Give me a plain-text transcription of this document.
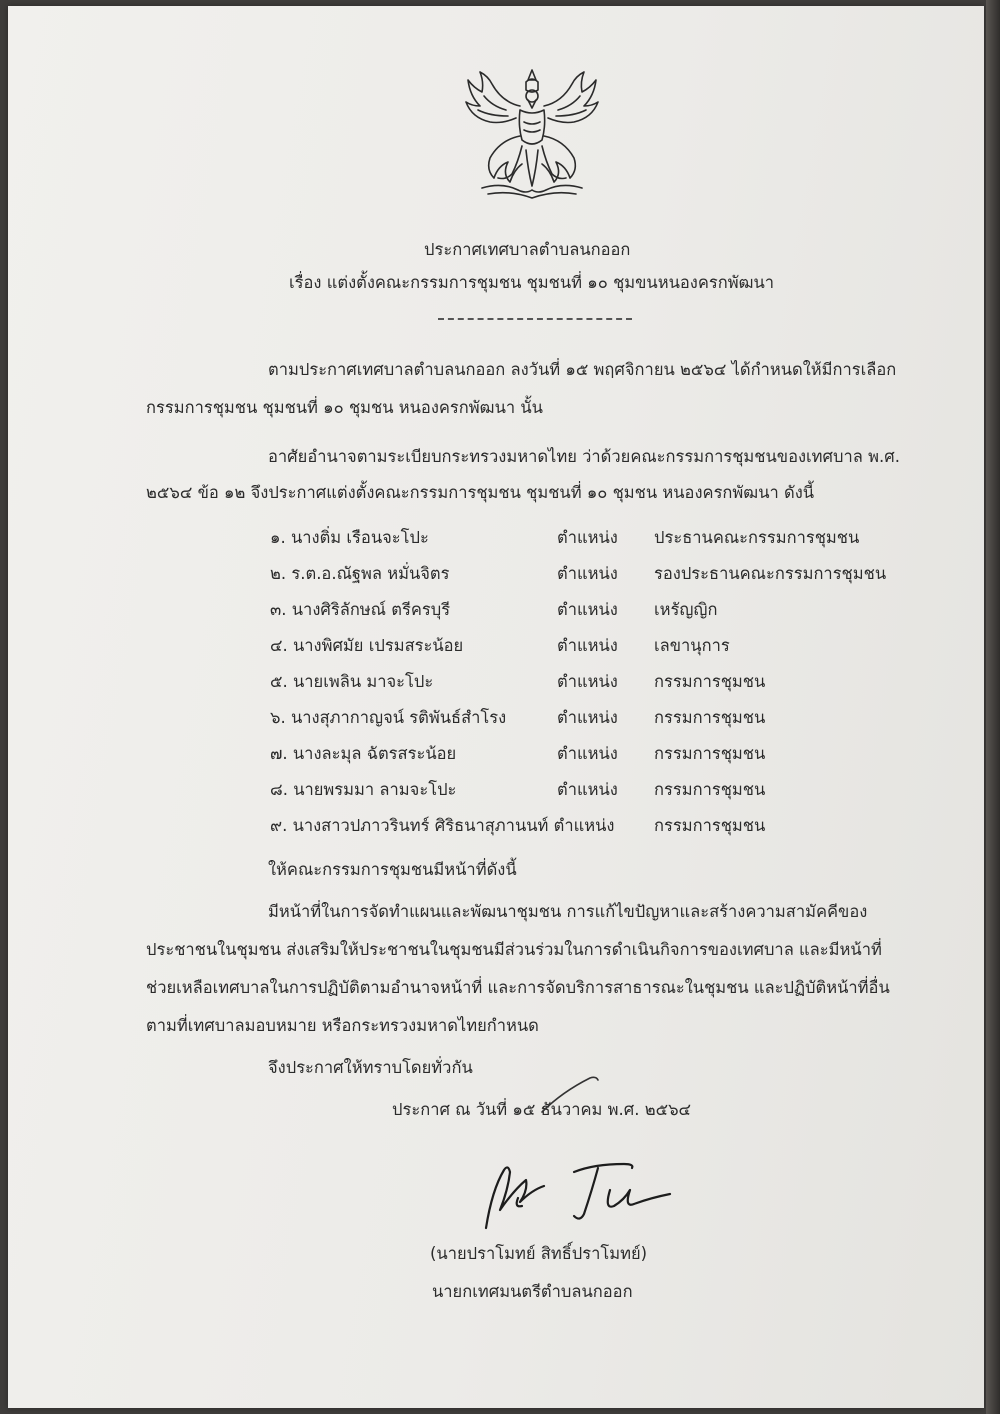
ประกาศเทศบาลตำบลนกออก
เรื่อง แต่งตั้งคณะกรรมการชุมชน ชุมชนที่ ๑๐ ชุมขนหนองครกพัฒนา
ตามประกาศเทศบาลตำบลนกออก ลงวันที่ ๑๕ พฤศจิกายน ๒๕๖๔ ได้กำหนดให้มีการเลือก
กรรมการชุมชน ชุมชนที่ ๑๐ ชุมชน หนองครกพัฒนา นั้น
อาศัยอำนาจตามระเบียบกระทรวงมหาดไทย ว่าด้วยคณะกรรมการชุมชนของเทศบาล พ.ศ.
๒๕๖๔ ข้อ ๑๒ จึงประกาศแต่งตั้งคณะกรรมการชุมชน ชุมชนที่ ๑๐ ชุมชน หนองครกพัฒนา ดังนี้
๑. นางติ่ม เรือนจะโปะ	ตำแหน่ง ประธานคณะกรรมการชุมชน
๒. ร.ต.อ.ณัฐพล หมั่นจิตร	ตำแหน่ง รองประธานคณะกรรมการชุมชน
๓. นางศิริลักษณ์ ตรีครบุรี	ตำแหน่ง เหรัญญิก
๔. นางพิศมัย เปรมสระน้อย	ตำแหน่ง เลขานุการ
๕. นายเพลิน มาจะโปะ	ตำแหน่ง กรรมการชุมชน
๖. นางสุภากาญจน์ รติพันธ์สำโรง	ตำแหน่ง กรรมการชุมชน
๗. นางละมุล ฉัตรสระน้อย	ตำแหน่ง กรรมการชุมชน
๘. นายพรมมา ลามจะโปะ	ตำแหน่ง กรรมการชุมชน
๙. นางสาวปภาวรินทร์ ศิริธนาสุภานนท์ ตำแหน่ง กรรมการชุมชน
ให้คณะกรรมการชุมชนมีหน้าที่ดังนี้
มีหน้าที่ในการจัดทำแผนและพัฒนาชุมชน การแก้ไขปัญหาและสร้างความสามัคคีของ
ประชาชนในชุมชน ส่งเสริมให้ประชาชนในชุมชนมีส่วนร่วมในการดำเนินกิจการของเทศบาล และมีหน้าที่
ช่วยเหลือเทศบาลในการปฏิบัติตามอำนาจหน้าที่ และการจัดบริการสาธารณะในชุมชน และปฏิบัติหน้าที่อื่น
ตามที่เทศบาลมอบหมาย หรือกระทรวงมหาดไทยกำหนด
จึงประกาศให้ทราบโดยทั่วกัน
ประกาศ ณ วันที่ ๑๕ ธันวาคม พ.ศ. ๒๕๖๔
(นายปราโมทย์ สิทธิ์ปราโมทย์)
นายกเทศมนตรีตำบลนกออก
